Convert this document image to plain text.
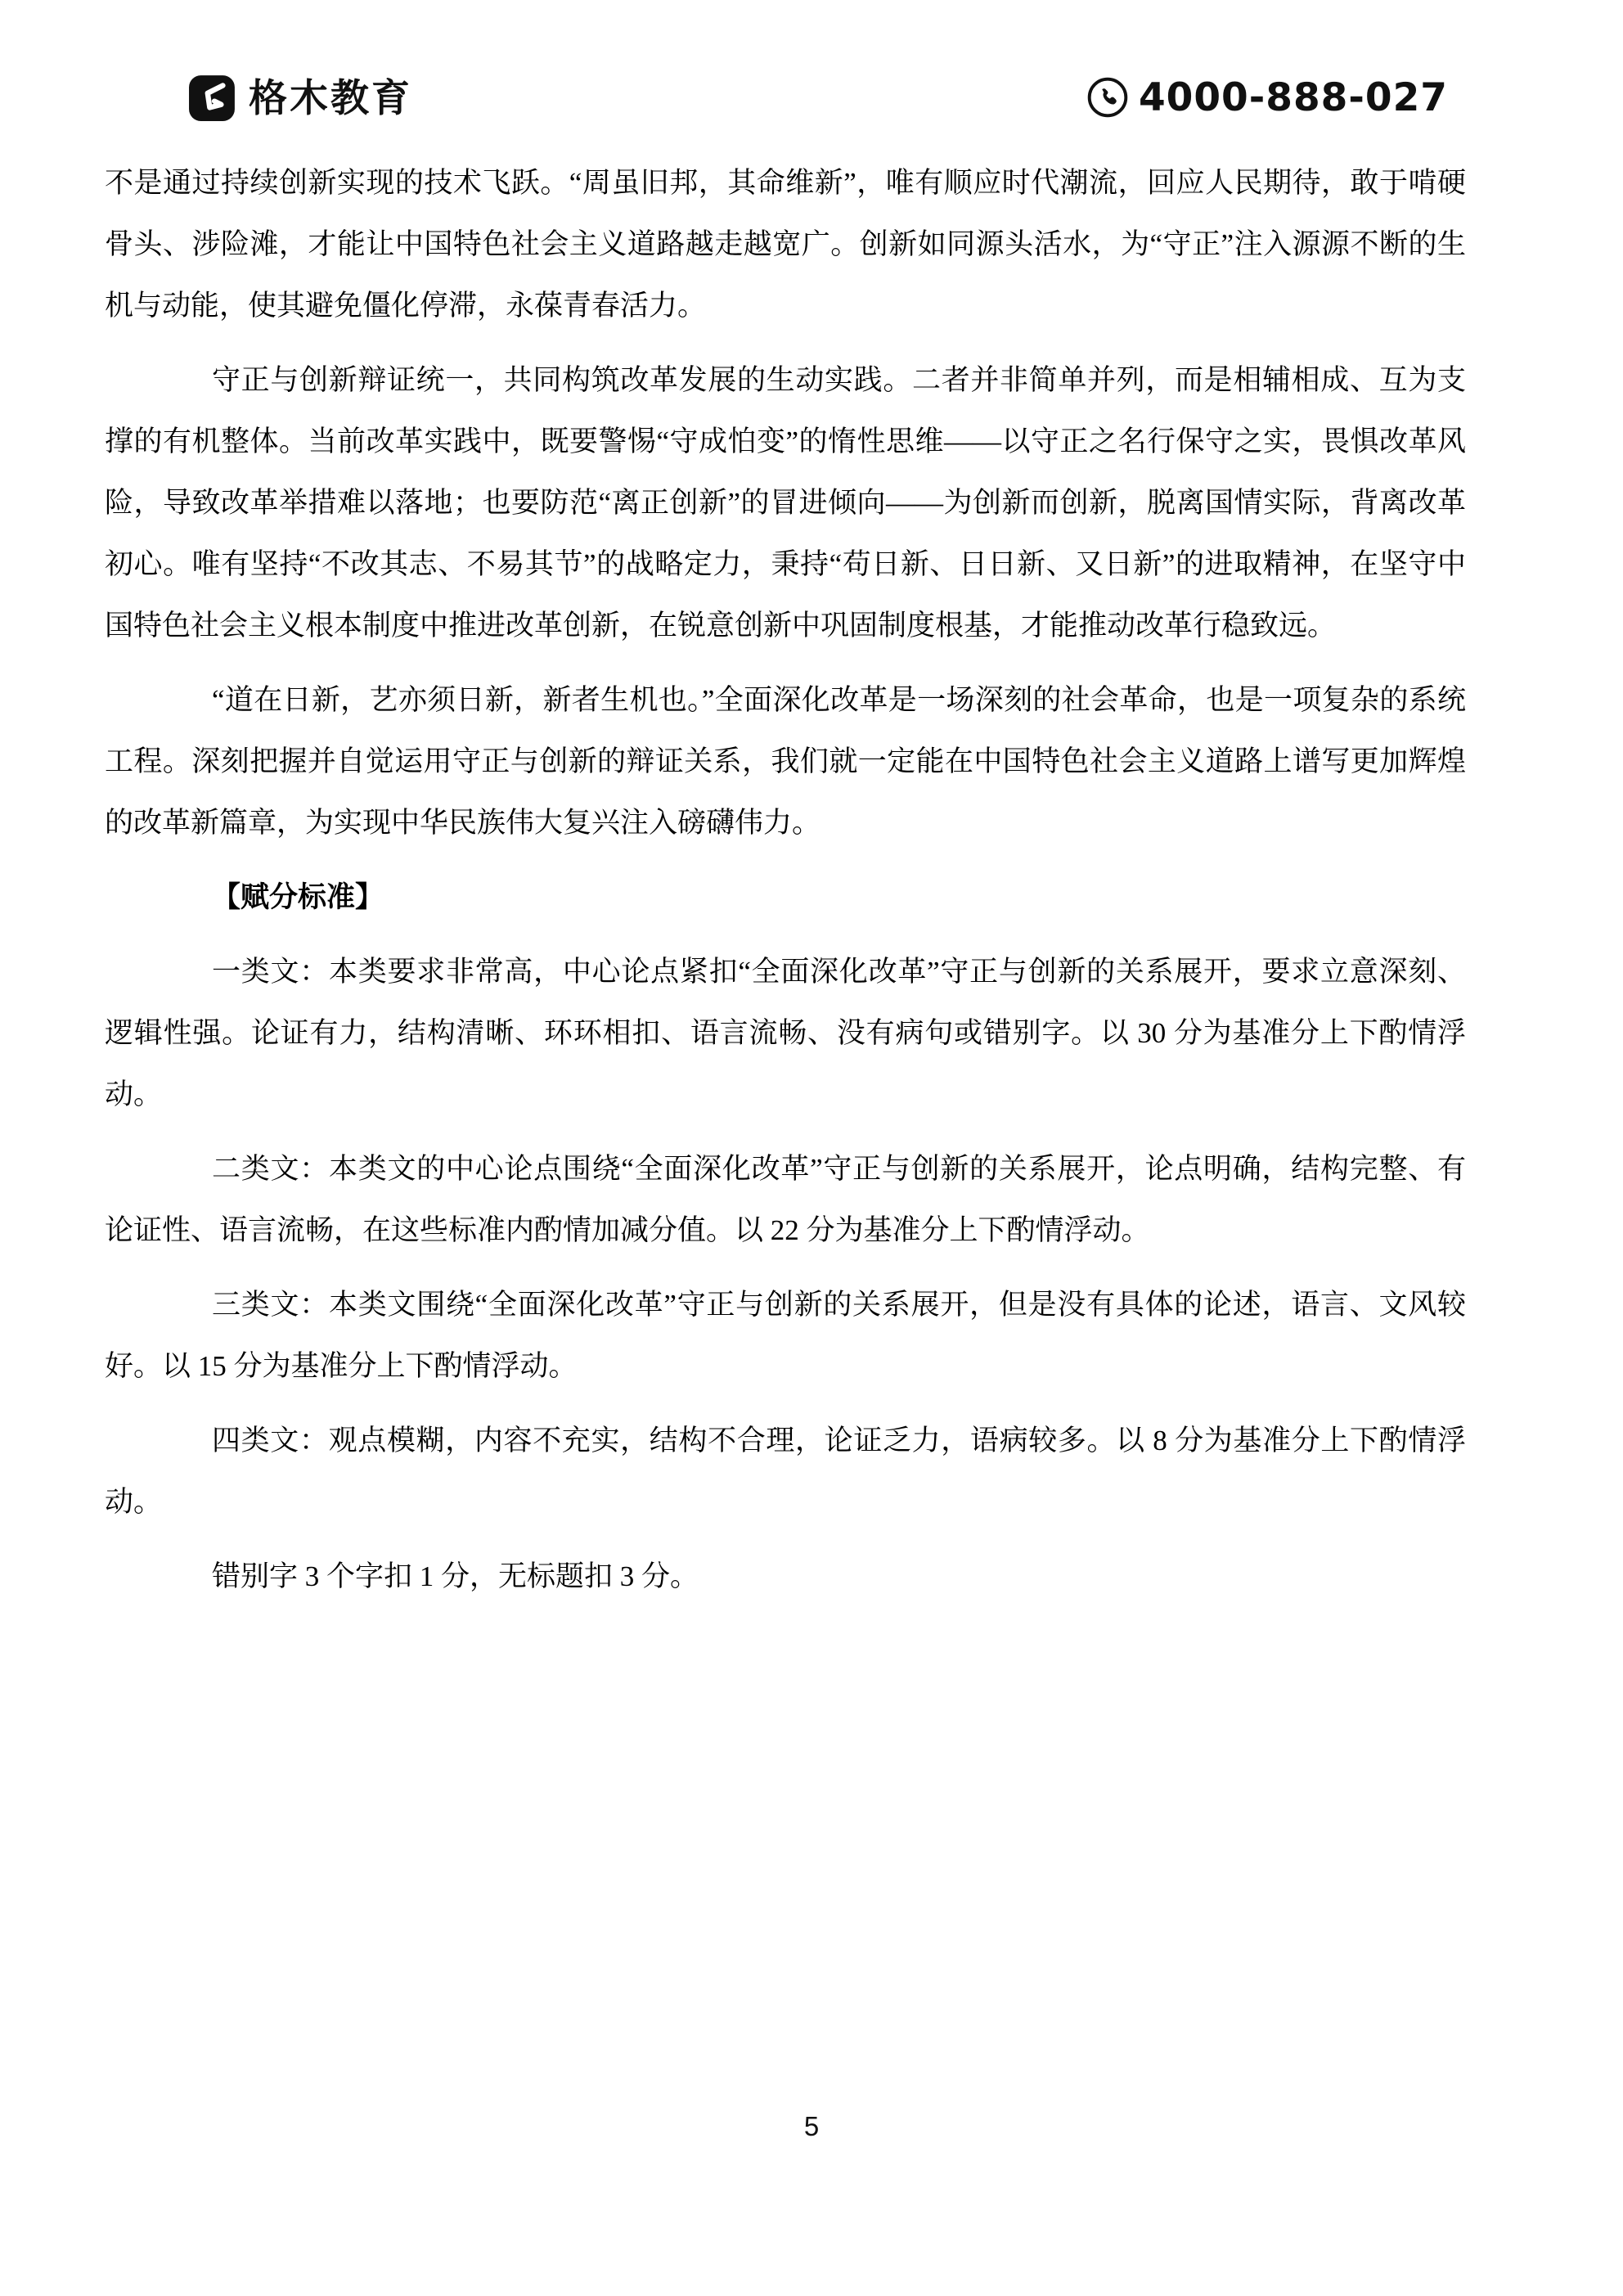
格木教育	4000-888-027

不是通过持续创新实现的技术飞跃。“周虽旧邦，其命维新”，唯有顺应时代潮流，回应人民期待，敢于啃硬骨头、涉险滩，才能让中国特色社会主义道路越走越宽广。创新如同源头活水，为“守正”注入源源不断的生机与动能，使其避免僵化停滞，永葆青春活力。

守正与创新辩证统一，共同构筑改革发展的生动实践。二者并非简单并列，而是相辅相成、互为支撑的有机整体。当前改革实践中，既要警惕“守成怕变”的惰性思维——以守正之名行保守之实，畏惧改革风险，导致改革举措难以落地；也要防范“离正创新”的冒进倾向——为创新而创新，脱离国情实际，背离改革初心。唯有坚持“不改其志、不易其节”的战略定力，秉持“苟日新、日日新、又日新”的进取精神，在坚守中国特色社会主义根本制度中推进改革创新，在锐意创新中巩固制度根基，才能推动改革行稳致远。

“道在日新，艺亦须日新，新者生机也。”全面深化改革是一场深刻的社会革命，也是一项复杂的系统工程。深刻把握并自觉运用守正与创新的辩证关系，我们就一定能在中国特色社会主义道路上谱写更加辉煌的改革新篇章，为实现中华民族伟大复兴注入磅礴伟力。

【赋分标准】

一类文：本类要求非常高，中心论点紧扣“全面深化改革”守正与创新的关系展开，要求立意深刻、逻辑性强。论证有力，结构清晰、环环相扣、语言流畅、没有病句或错别字。以 30 分为基准分上下酌情浮动。

二类文：本类文的中心论点围绕“全面深化改革”守正与创新的关系展开，论点明确，结构完整、有论证性、语言流畅，在这些标准内酌情加减分值。以 22 分为基准分上下酌情浮动。

三类文：本类文围绕“全面深化改革”守正与创新的关系展开，但是没有具体的论述，语言、文风较好。以 15 分为基准分上下酌情浮动。

四类文：观点模糊，内容不充实，结构不合理，论证乏力，语病较多。以 8 分为基准分上下酌情浮动。

错别字 3 个字扣 1 分，无标题扣 3 分。

5
